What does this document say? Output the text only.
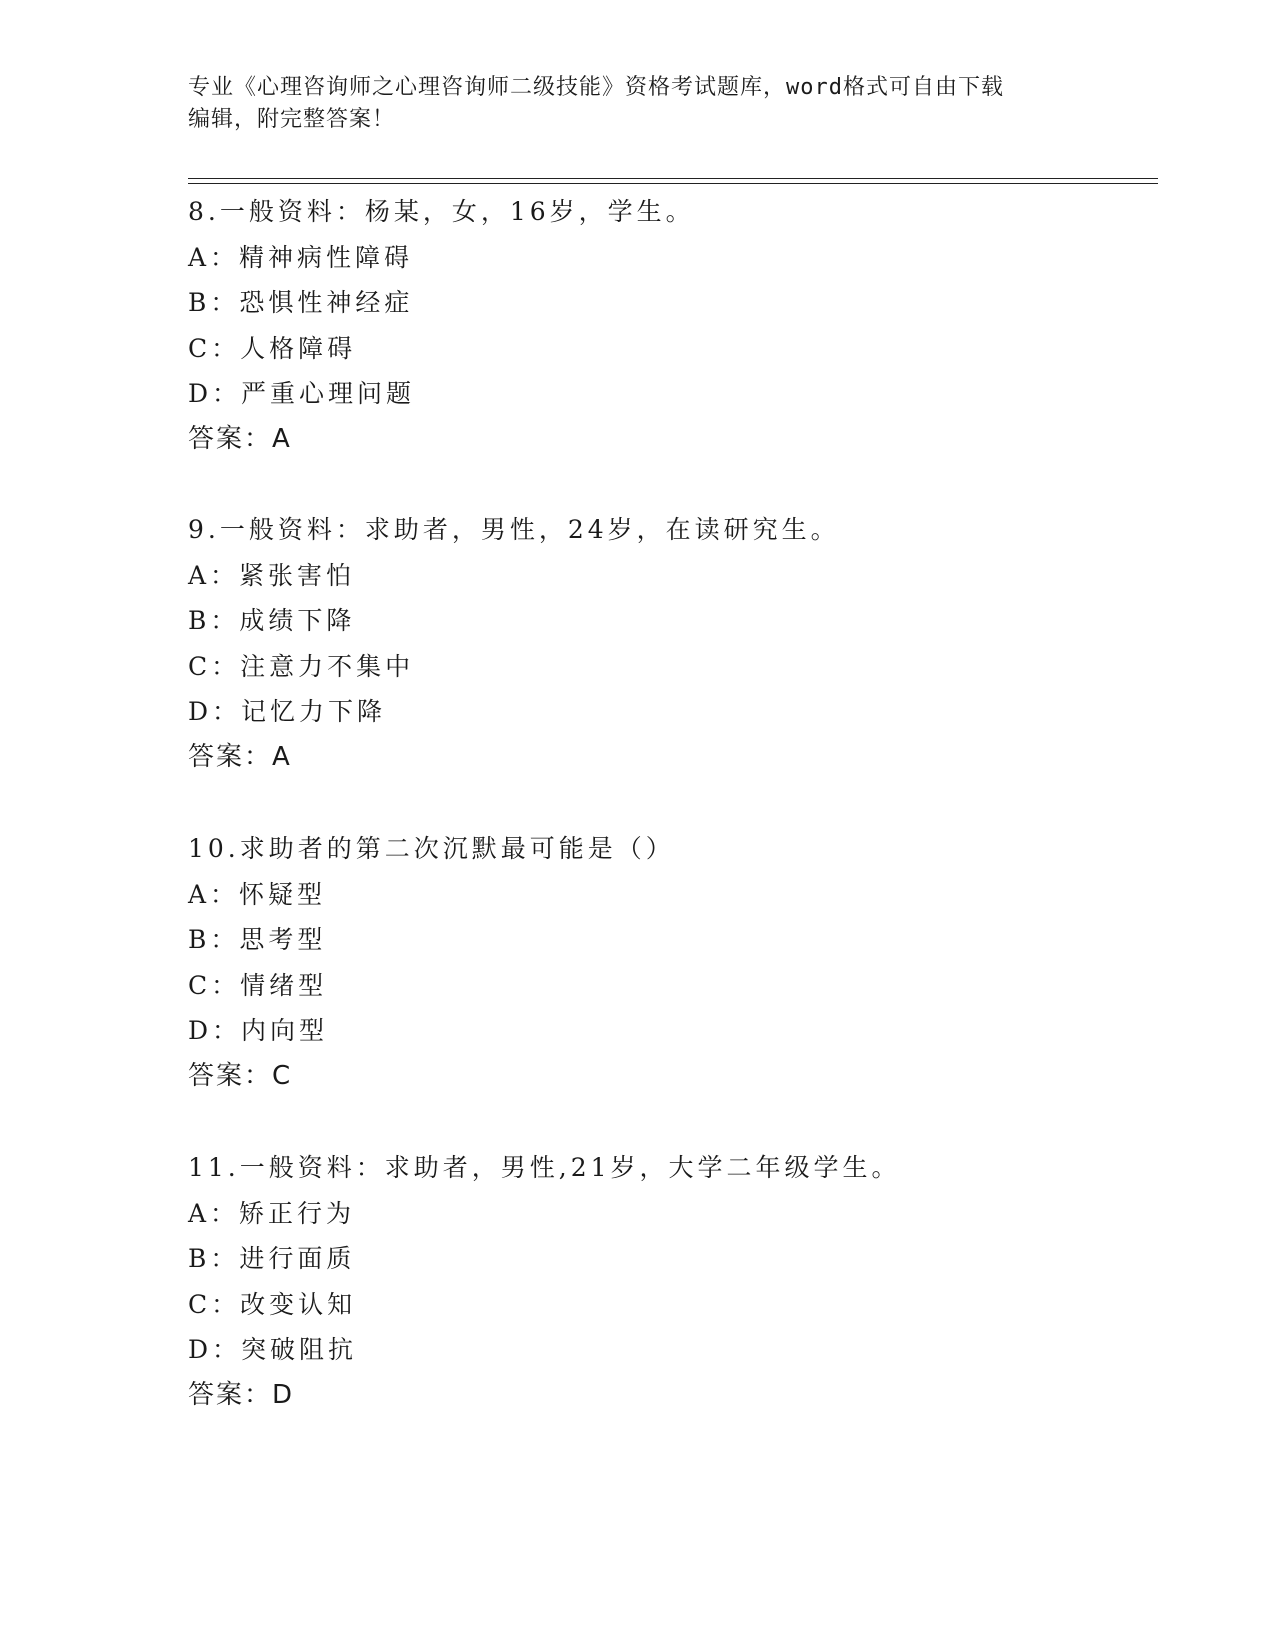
专业《心理咨询师之心理咨询师二级技能》资格考试题库，word格式可自由下载
编辑，附完整答案！
8.一般资料：杨某，女，16岁，学生。
A：精神病性障碍
B：恐惧性神经症
C：人格障碍
D：严重心理问题
答案：A
9.一般资料：求助者，男性，24岁，在读研究生。
A：紧张害怕
B：成绩下降
C：注意力不集中
D：记忆力下降
答案：A
10.求助者的第二次沉默最可能是（）
A：怀疑型
B：思考型
C：情绪型
D：内向型
答案：C
11.一般资料：求助者，男性,21岁，大学二年级学生。
A：矫正行为
B：进行面质
C：改变认知
D：突破阻抗
答案：D
